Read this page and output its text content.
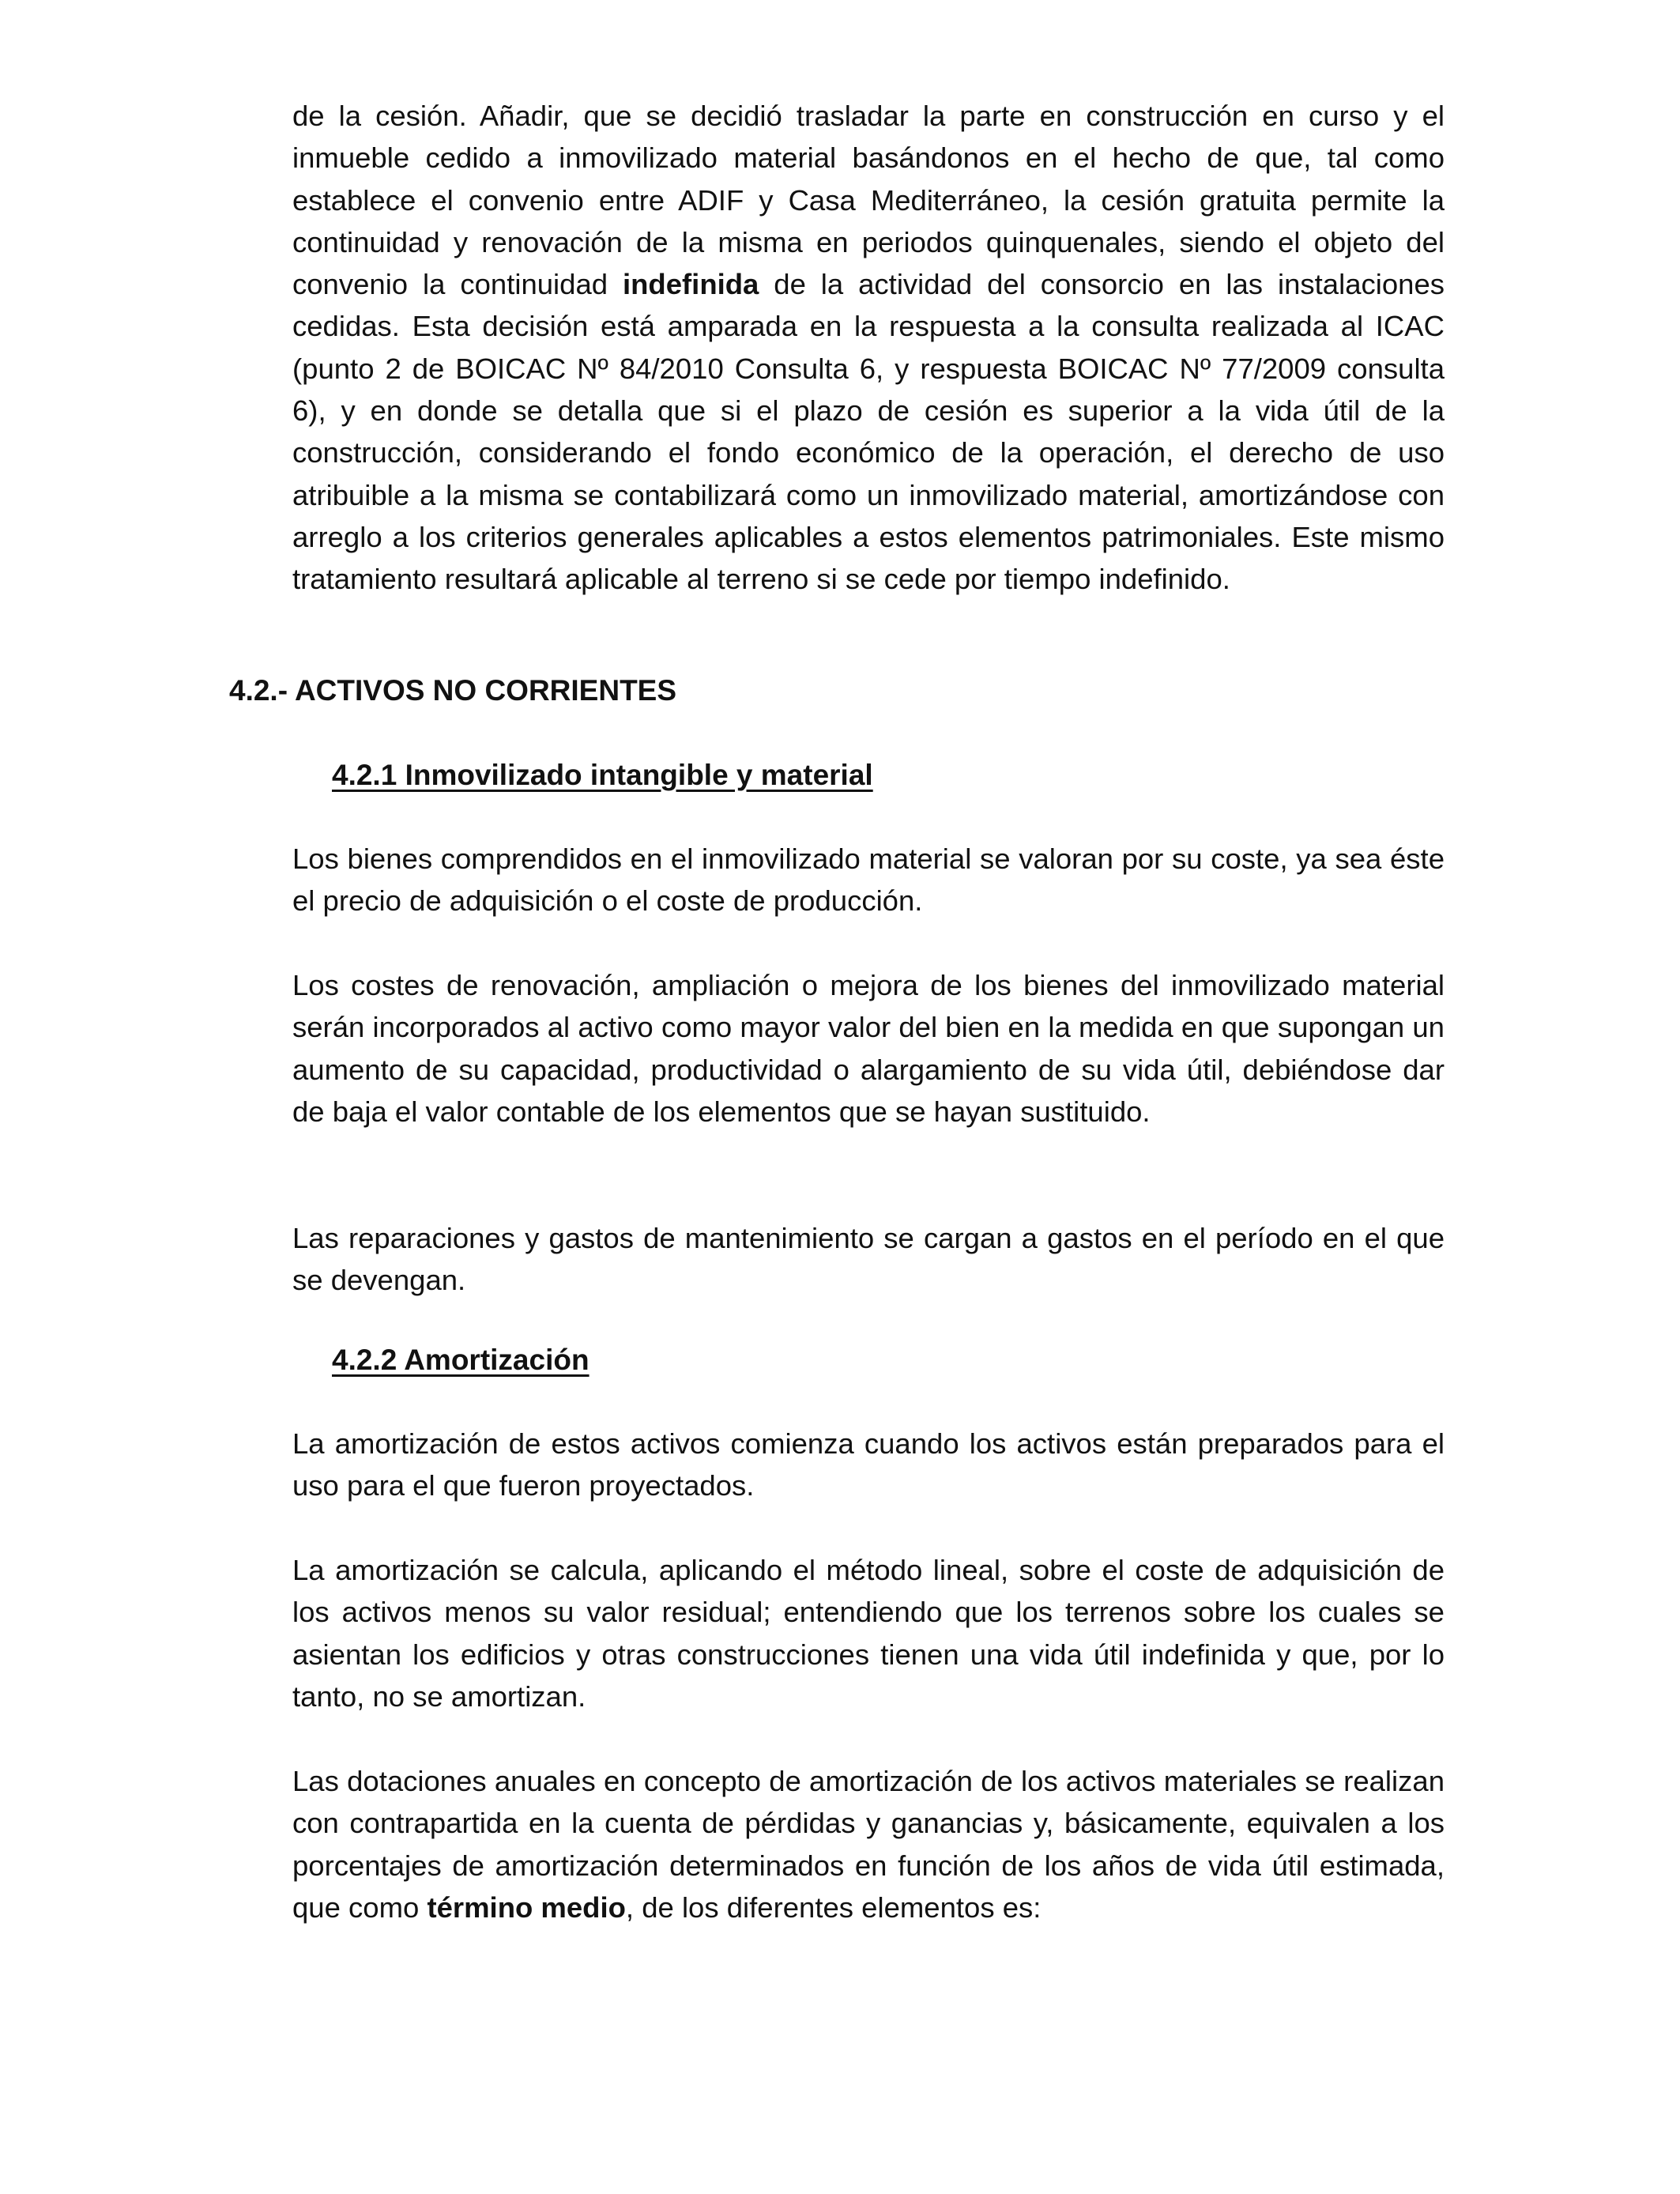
de la cesión. Añadir, que se decidió trasladar la parte en construcción en curso y el inmueble cedido a inmovilizado material basándonos en el hecho de que, tal como establece el convenio entre ADIF y Casa Mediterráneo, la cesión gratuita permite la continuidad y renovación de la misma en periodos quinquenales, siendo el objeto del convenio la continuidad indefinida de la actividad del consorcio en las instalaciones cedidas. Esta decisión está amparada en la respuesta a la consulta realizada al ICAC (punto 2 de BOICAC Nº 84/2010 Consulta 6, y respuesta BOICAC Nº 77/2009 consulta 6), y en donde se detalla que si el plazo de cesión es superior a la vida útil de la construcción, considerando el fondo económico de la operación, el derecho de uso atribuible a la misma se contabilizará como un inmovilizado material, amortizándose con arreglo a los criterios generales aplicables a estos elementos patrimoniales. Este mismo tratamiento resultará aplicable al terreno si se cede por tiempo indefinido.

4.2.- ACTIVOS NO CORRIENTES
4.2.1 Inmovilizado intangible y material

Los bienes comprendidos en el inmovilizado material se valoran por su coste, ya sea éste el precio de adquisición o el coste de producción.

Los costes de renovación, ampliación o mejora de los bienes del inmovilizado material serán incorporados al activo como mayor valor del bien en la medida en que supongan un aumento de su capacidad, productividad o alargamiento de su vida útil, debiéndose dar de baja el valor contable de los elementos que se hayan sustituido.

Las reparaciones y gastos de mantenimiento se cargan a gastos en el período en el que se devengan.

4.2.2 Amortización

La amortización de estos activos comienza cuando los activos están preparados para el uso para el que fueron proyectados.

La amortización se calcula, aplicando el método lineal, sobre el coste de adquisición de los activos menos su valor residual; entendiendo que los terrenos sobre los cuales se asientan los edificios y otras construcciones tienen una vida útil indefinida y que, por lo tanto, no se amortizan.

Las dotaciones anuales en concepto de amortización de los activos materiales se realizan con contrapartida en la cuenta de pérdidas y ganancias y, básicamente, equivalen a los porcentajes de amortización determinados en función de los años de vida útil estimada, que como término medio, de los diferentes elementos es:
